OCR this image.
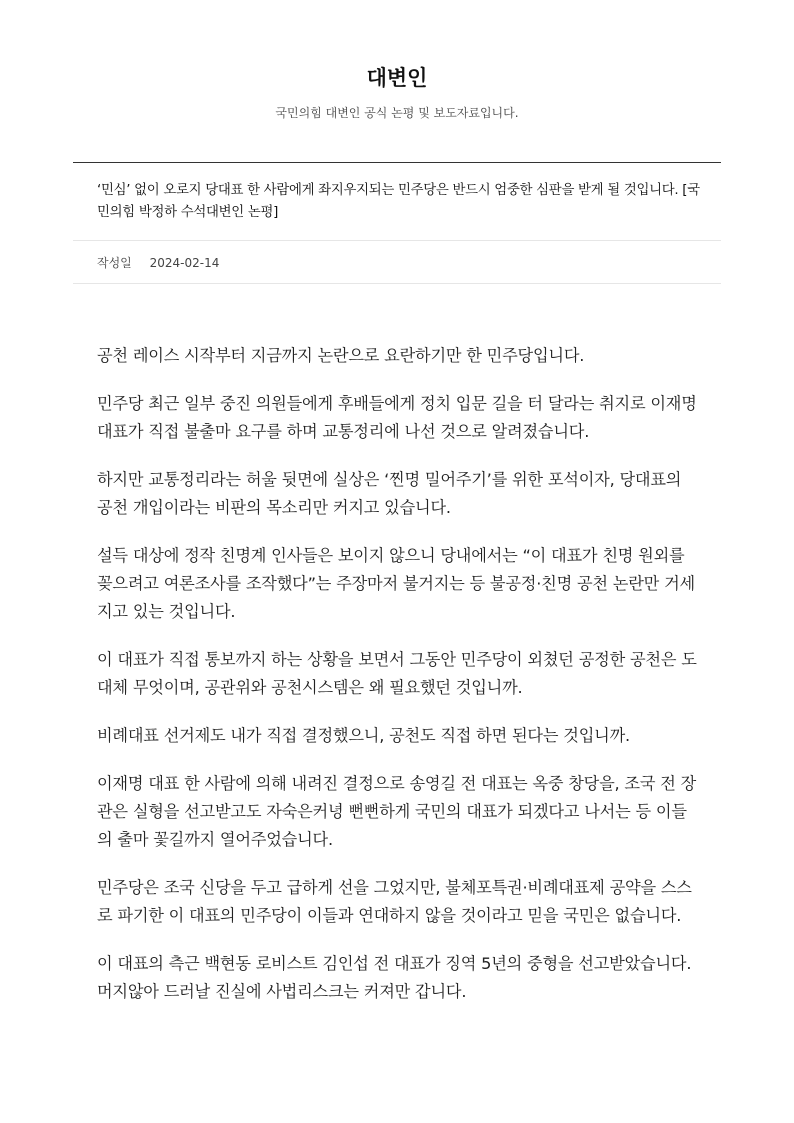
대변인
국민의힘 대변인 공식 논평 및 보도자료입니다.
‘민심’ 없이 오로지 당대표 한 사람에게 좌지우지되는 민주당은 반드시 엄중한 심판을 받게 될 것입니다. [국민의힘 박정하 수석대변인 논평]
작성일 2024-02-14

공천 레이스 시작부터 지금까지 논란으로 요란하기만 한 민주당입니다.

민주당 최근 일부 중진 의원들에게 후배들에게 정치 입문 길을 터 달라는 취지로 이재명 대표가 직접 불출마 요구를 하며 교통정리에 나선 것으로 알려졌습니다.

하지만 교통정리라는 허울 뒷면에 실상은 ‘찐명 밀어주기’를 위한 포석이자, 당대표의 공천 개입이라는 비판의 목소리만 커지고 있습니다.

설득 대상에 정작 친명계 인사들은 보이지 않으니 당내에서는 “이 대표가 친명 원외를 꽂으려고 여론조사를 조작했다”는 주장마저 불거지는 등 불공정·친명 공천 논란만 거세지고 있는 것입니다.

이 대표가 직접 통보까지 하는 상황을 보면서 그동안 민주당이 외쳤던 공정한 공천은 도대체 무엇이며, 공관위와 공천시스템은 왜 필요했던 것입니까.

비례대표 선거제도 내가 직접 결정했으니, 공천도 직접 하면 된다는 것입니까.

이재명 대표 한 사람에 의해 내려진 결정으로 송영길 전 대표는 옥중 창당을, 조국 전 장관은 실형을 선고받고도 자숙은커녕 뻔뻔하게 국민의 대표가 되겠다고 나서는 등 이들의 출마 꽃길까지 열어주었습니다.

민주당은 조국 신당을 두고 급하게 선을 그었지만, 불체포특권·비례대표제 공약을 스스로 파기한 이 대표의 민주당이 이들과 연대하지 않을 것이라고 믿을 국민은 없습니다.

이 대표의 측근 백현동 로비스트 김인섭 전 대표가 징역 5년의 중형을 선고받았습니다. 머지않아 드러날 진실에 사법리스크는 커져만 갑니다.
